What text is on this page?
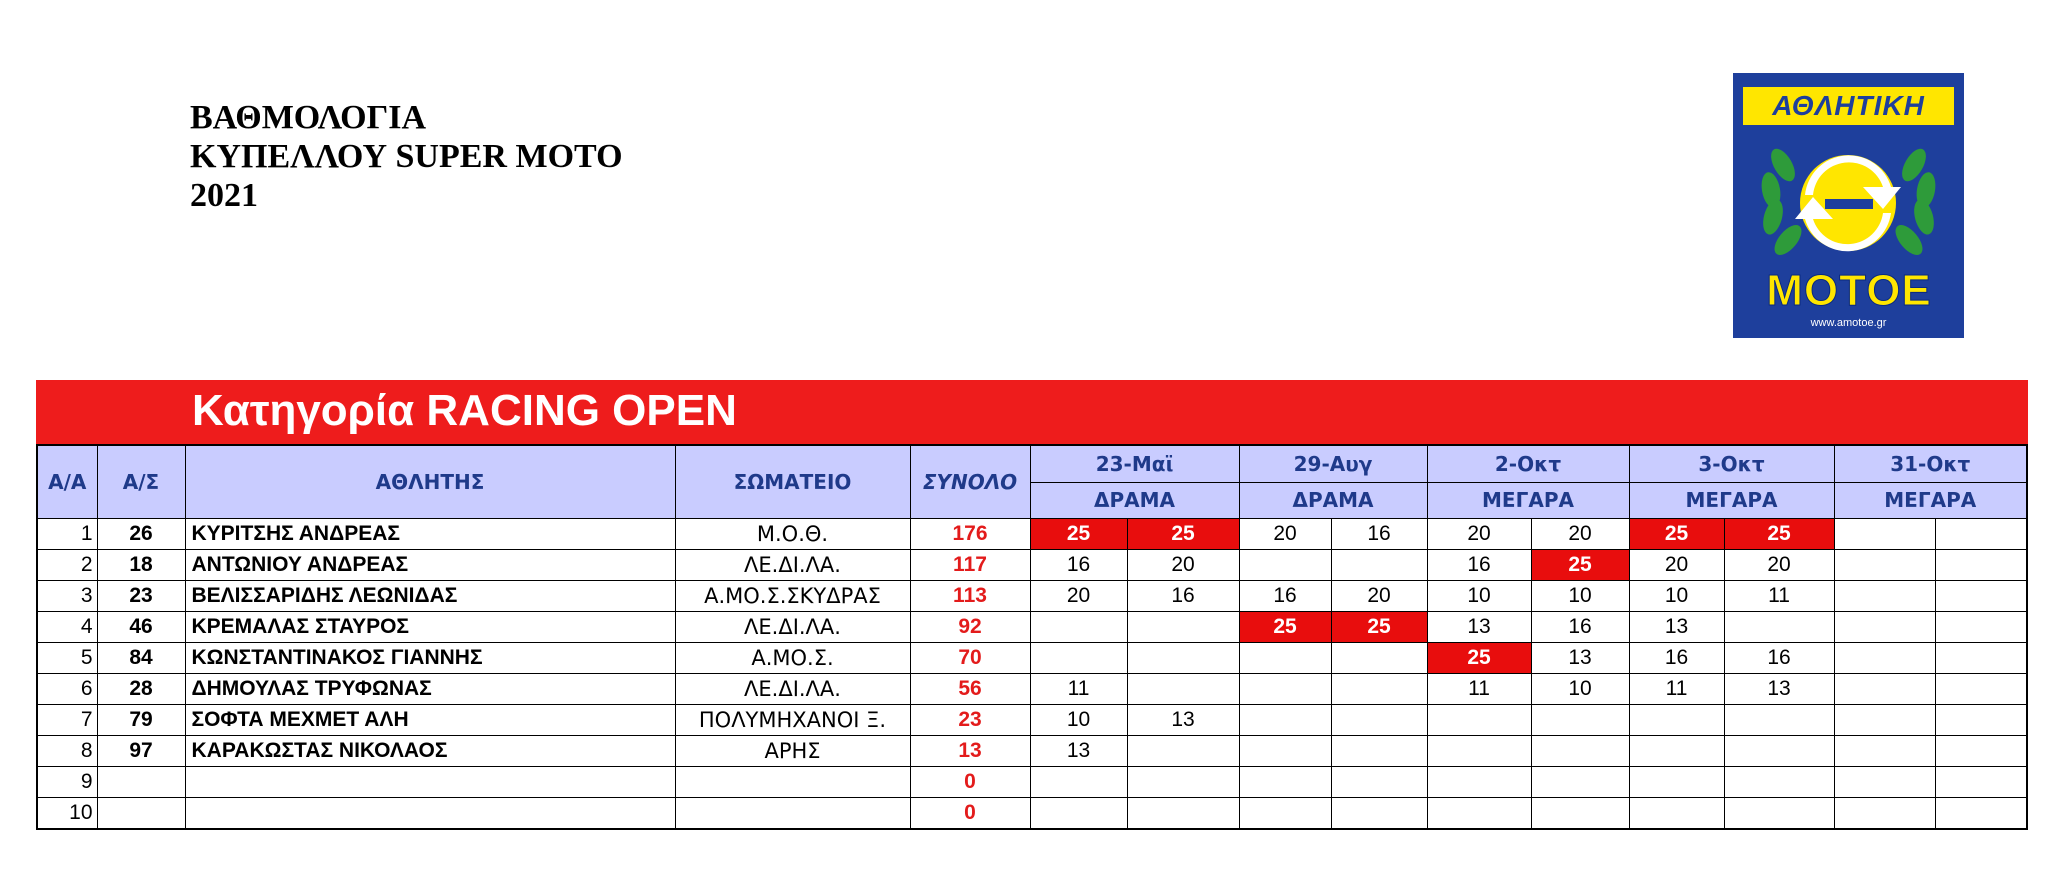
ΒΑΘΜΟΛΟΓΙΑ
ΚΥΠΕΛΛΟΥ SUPER MOTO
2021
ΑΘΛΗΤΙΚΗ
ΜΟΤΟΕ
www.amotoe.gr
Κατηγορία RACING OPEN
Α/Α	Α/Σ	ΑΘΛΗΤΗΣ	ΣΩΜΑΤΕΙΟ	ΣΥΝΟΛΟ	23-Μαϊ		29-Αυγ		2-Οκτ		3-Οκτ		31-Οκτ	
					ΔΡΑΜΑ		ΔΡΑΜΑ		ΜΕΓΑΡΑ		ΜΕΓΑΡΑ		ΜΕΓΑΡΑ	
1	26	ΚΥΡΙΤΣΗΣ ΑΝΔΡΕΑΣ	Μ.Ο.Θ.	176	25	25	20	16	20	20	25	25		
2	18	ΑΝΤΩΝΙΟΥ ΑΝΔΡΕΑΣ	ΛΕ.ΔΙ.ΛΑ.	117	16	20			16	25	20	20		
3	23	ΒΕΛΙΣΣΑΡΙΔΗΣ ΛΕΩΝΙΔΑΣ	Α.ΜΟ.Σ.ΣΚΥΔΡΑΣ	113	20	16	16	20	10	10	10	11		
4	46	ΚΡΕΜΑΛΑΣ ΣΤΑΥΡΟΣ	ΛΕ.ΔΙ.ΛΑ.	92			25	25	13	16	13			
5	84	ΚΩΝΣΤΑΝΤΙΝΑΚΟΣ ΓΙΑΝΝΗΣ	Α.ΜΟ.Σ.	70					25	13	16	16		
6	28	ΔΗΜΟΥΛΑΣ ΤΡΥΦΩΝΑΣ	ΛΕ.ΔΙ.ΛΑ.	56	11				11	10	11	13		
7	79	ΣΟΦΤΑ ΜΕΧΜΕΤ ΑΛΗ	ΠΟΛΥΜΗΧΑΝΟΙ Ξ.	23	10	13								
8	97	ΚΑΡΑΚΩΣΤΑΣ ΝΙΚΟΛΑΟΣ	ΑΡΗΣ	13	13									
9				0										
10				0										
